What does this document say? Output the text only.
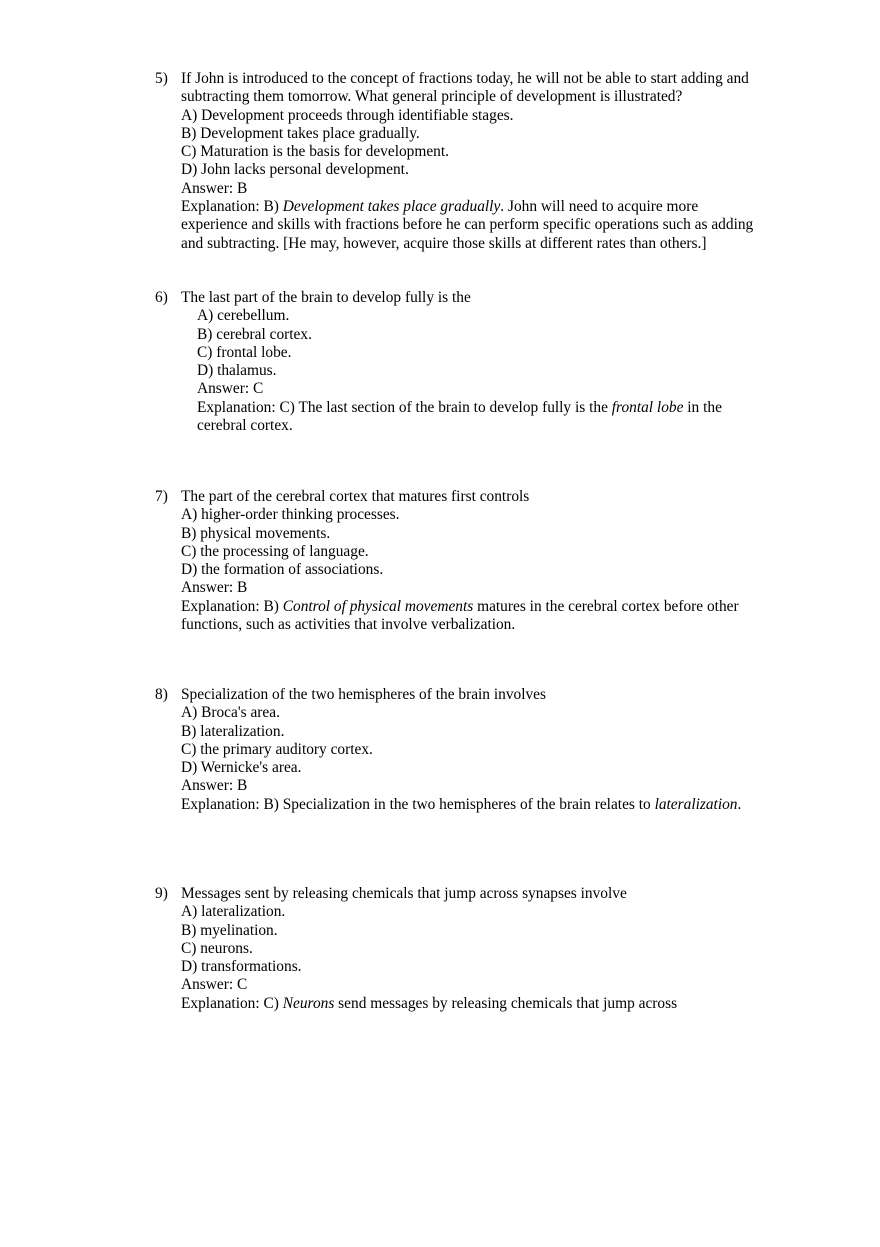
5) If John is introduced to the concept of fractions today, he will not be able to start adding and subtracting them tomorrow. What general principle of development is illustrated?
A) Development proceeds through identifiable stages.
B) Development takes place gradually.
C) Maturation is the basis for development.
D) John lacks personal development.
Answer: B
Explanation: B) Development takes place gradually. John will need to acquire more experience and skills with fractions before he can perform specific operations such as adding and subtracting. [He may, however, acquire those skills at different rates than others.]
6) The last part of the brain to develop fully is the
A) cerebellum.
B) cerebral cortex.
C) frontal lobe.
D) thalamus.
Answer: C
Explanation: C) The last section of the brain to develop fully is the frontal lobe in the cerebral cortex.
7) The part of the cerebral cortex that matures first controls
A) higher-order thinking processes.
B) physical movements.
C) the processing of language.
D) the formation of associations.
Answer: B
Explanation: B) Control of physical movements matures in the cerebral cortex before other functions, such as activities that involve verbalization.
8) Specialization of the two hemispheres of the brain involves
A) Broca's area.
B) lateralization.
C) the primary auditory cortex.
D) Wernicke's area.
Answer: B
Explanation: B) Specialization in the two hemispheres of the brain relates to lateralization.
9) Messages sent by releasing chemicals that jump across synapses involve
A) lateralization.
B) myelination.
C) neurons.
D) transformations.
Answer: C
Explanation: C) Neurons send messages by releasing chemicals that jump across
